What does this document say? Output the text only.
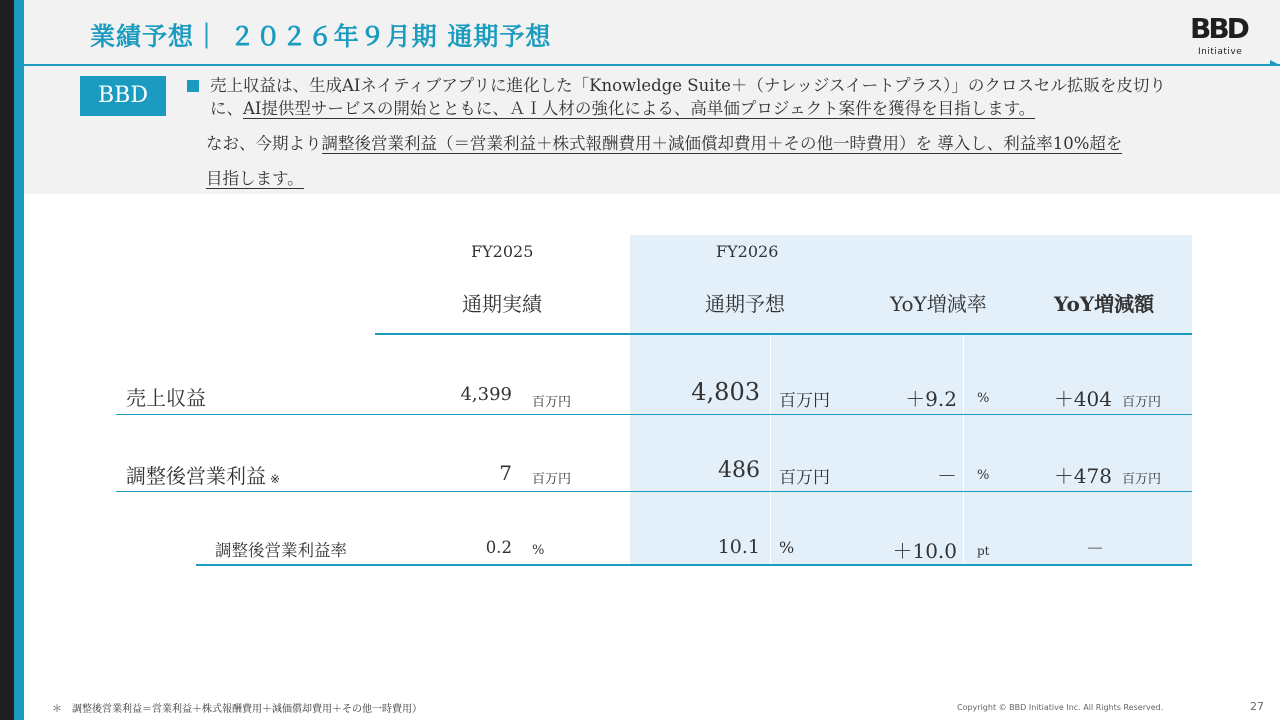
業績予想｜ ２０２６年９月期 通期予想	BBD
Initiative
BBD	売上収益は、生成AIネイティブアプリに進化した「Knowledge Suite＋（ナレッジスイートプラス）」のクロスセル拡販を皮切り
に、AI提供型サービスの開始とともに、ＡＩ人材の強化による、高単価プロジェクト案件を獲得を目指します。
なお、今期より調整後営業利益（＝営業利益＋株式報酬費用＋減価償却費用＋その他一時費用）を 導入し、利益率10%超を
目指します。
FY2025	FY2026
通期実績	通期予想	YoY増減率	YoY増減額
売上収益	4,399 百万円	4,803 百万円	＋9.2 %	＋404 百万円
調整後営業利益 ※	7 百万円	486 百万円	－ %	＋478 百万円
調整後営業利益率	0.2 %	10.1 %	＋10.0 pt	－
＊　調整後営業利益＝営業利益＋株式報酬費用＋減価償却費用＋その他一時費用）	Copyright © BBD Initiative Inc. All Rights Reserved.	27
